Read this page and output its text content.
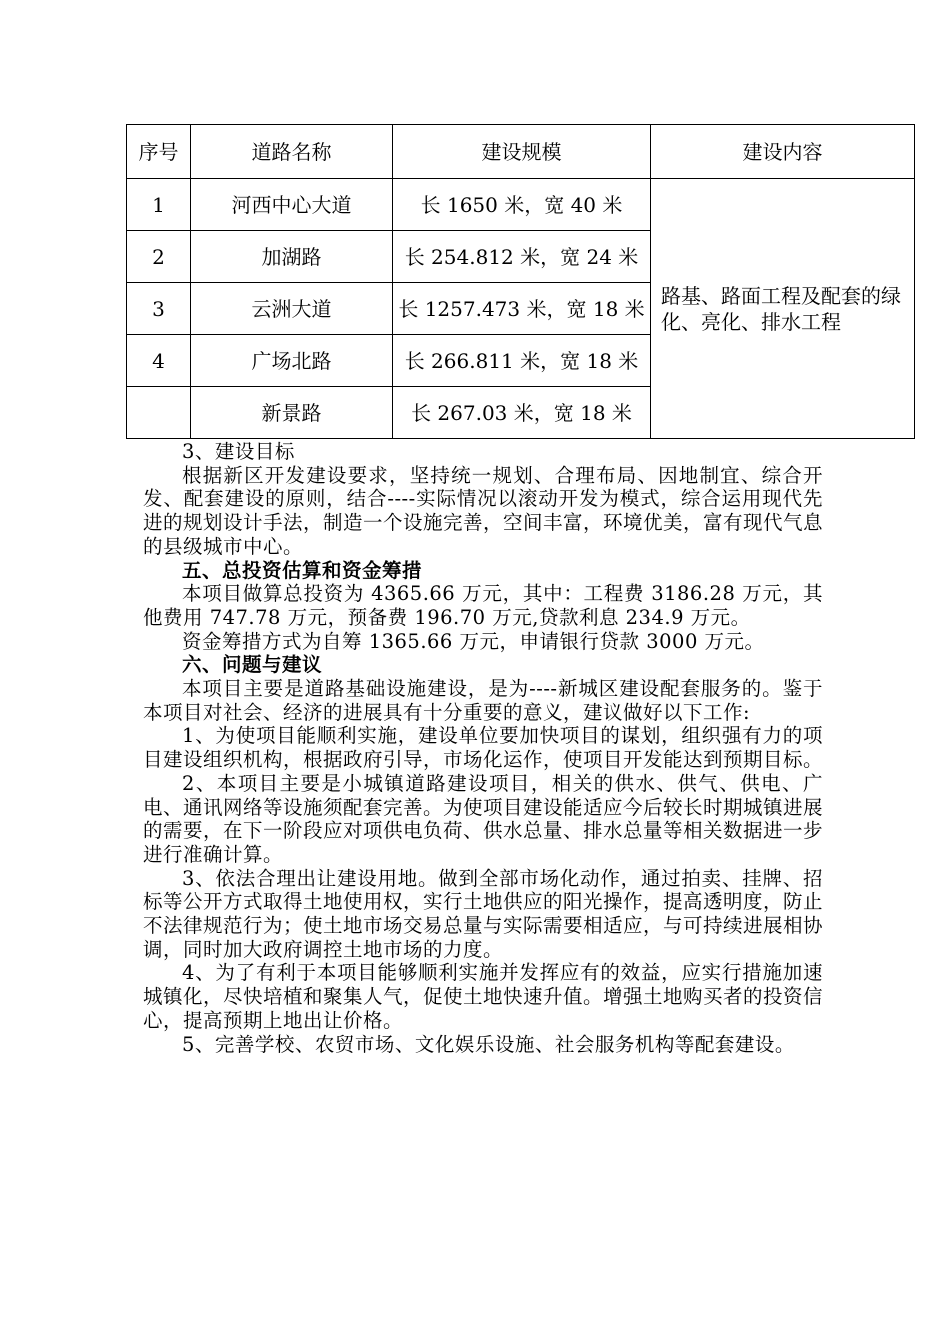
序号	道路名称	建设规模	建设内容
1	河西中心大道	长 1650 米，宽 40 米	路基、路面工程及配套的绿化、亮化、排水工程
2	加湖路	长 254.812 米，宽 24 米	
3	云洲大道	长 1257.473 米，宽 18 米	
4	广场北路	长 266.811 米，宽 18 米	
	新景路	长 267.03 米，宽 18 米	

3、建设目标

根据新区开发建设要求，坚持统一规划、合理布局、因地制宜、综合开发、配套建设的原则，结合----实际情况以滚动开发为模式，综合运用现代先进的规划设计手法，制造一个设施完善，空间丰富，环境优美，富有现代气息的县级城市中心。

五、总投资估算和资金筹措

本项目做算总投资为 4365.66 万元，其中：工程费 3186.28 万元，其他费用 747.78 万元，预备费 196.70 万元,贷款利息 234.9 万元。

资金筹措方式为自筹 1365.66 万元，申请银行贷款 3000 万元。

六、问题与建议

本项目主要是道路基础设施建设，是为----新城区建设配套服务的。鉴于本项目对社会、经济的进展具有十分重要的意义，建议做好以下工作:

1、为使项目能顺利实施，建设单位要加快项目的谋划，组织强有力的项目建设组织机构，根据政府引导，市场化运作，使项目开发能达到预期目标。

2、本项目主要是小城镇道路建设项目，相关的供水、供气、供电、广电、通讯网络等设施须配套完善。为使项目建设能适应今后较长时期城镇进展的需要，在下一阶段应对项供电负荷、供水总量、排水总量等相关数据进一步进行准确计算。

3、依法合理出让建设用地。做到全部市场化动作，通过拍卖、挂牌、招标等公开方式取得土地使用权，实行土地供应的阳光操作，提高透明度，防止不法律规范行为；使土地市场交易总量与实际需要相适应，与可持续进展相协调，同时加大政府调控土地市场的力度。

4、为了有利于本项目能够顺利实施并发挥应有的效益，应实行措施加速城镇化，尽快培植和聚集人气，促使土地快速升值。增强土地购买者的投资信心，提高预期上地出让价格。

5、完善学校、农贸市场、文化娱乐设施、社会服务机构等配套建设。
